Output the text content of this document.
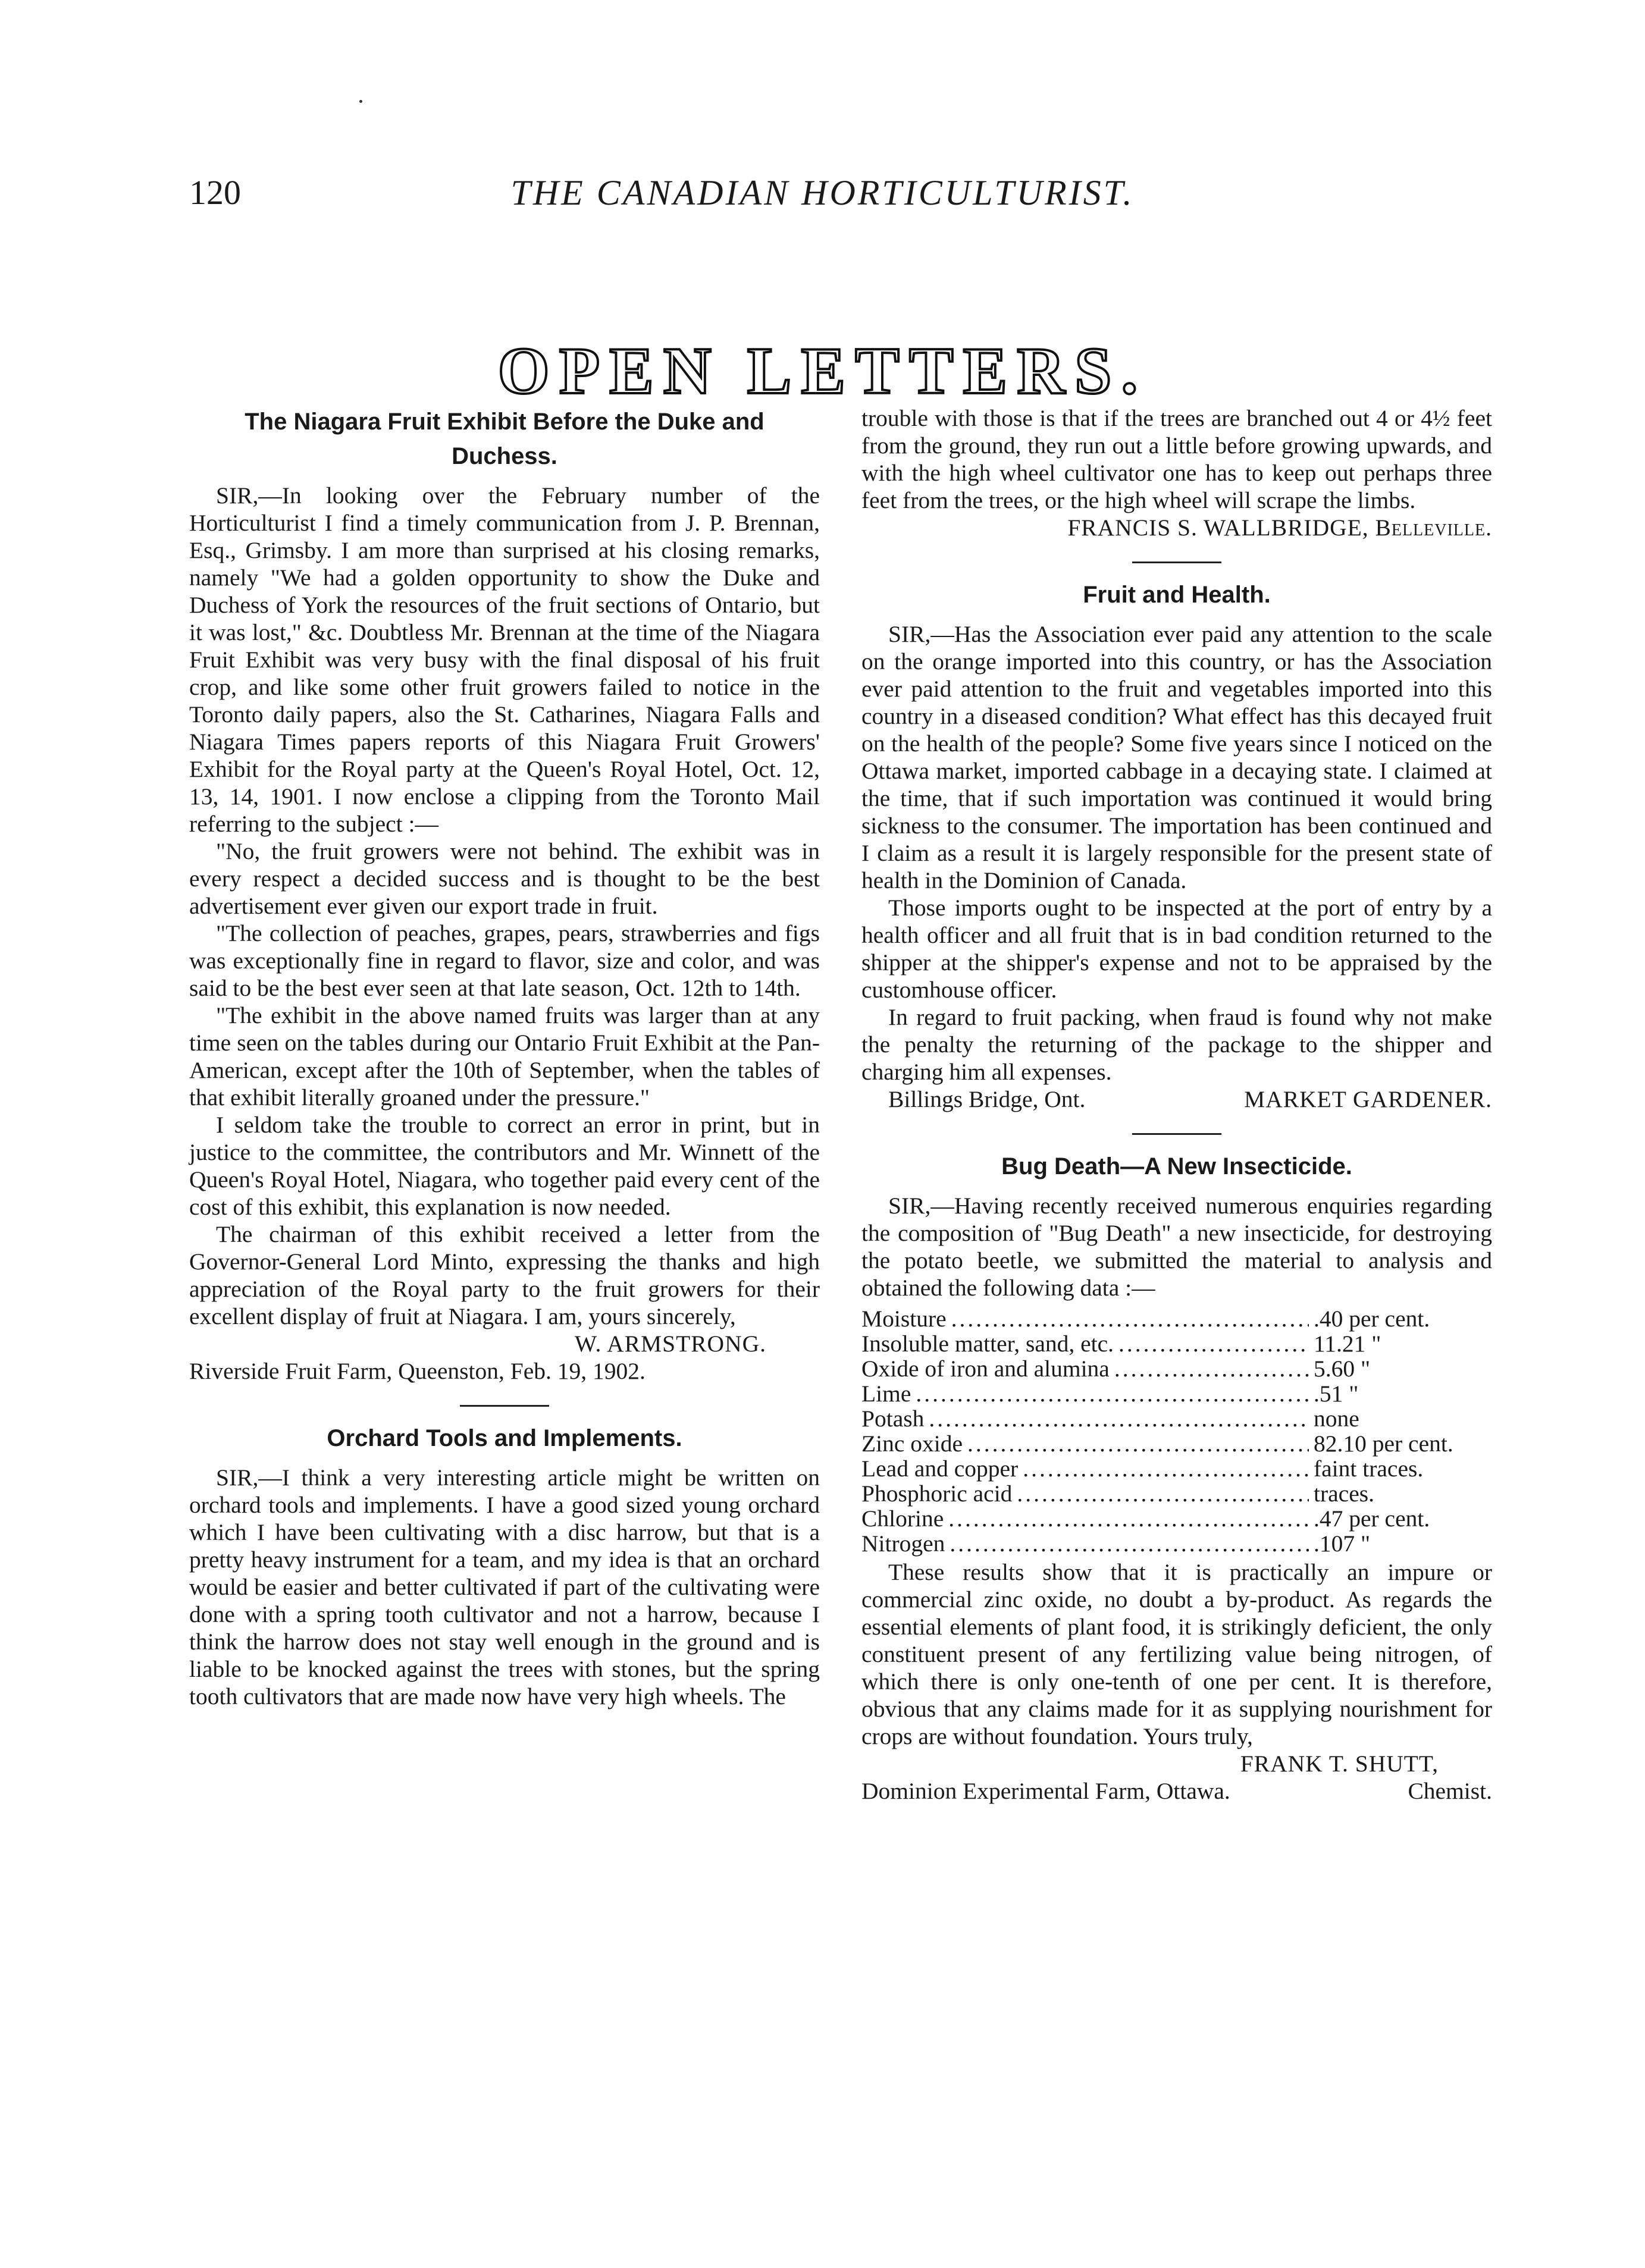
120	THE CANADIAN HORTICULTURIST.
OPEN LETTERS.
The Niagara Fruit Exhibit Before the Duke and Duchess.

SIR,—In looking over the February number of the Horticulturist I find a timely communication from J. P. Brennan, Esq., Grimsby. I am more than surprised at his closing remarks, namely "We had a golden opportunity to show the Duke and Duchess of York the resources of the fruit sections of Ontario, but it was lost," &c. Doubtless Mr. Brennan at the time of the Niagara Fruit Exhibit was very busy with the final disposal of his fruit crop, and like some other fruit growers failed to notice in the Toronto daily papers, also the St. Catharines, Niagara Falls and Niagara Times papers reports of this Niagara Fruit Growers' Exhibit for the Royal party at the Queen's Royal Hotel, Oct. 12, 13, 14, 1901. I now enclose a clipping from the Toronto Mail referring to the subject :—

"No, the fruit growers were not behind. The exhibit was in every respect a decided success and is thought to be the best advertisement ever given our export trade in fruit.

"The collection of peaches, grapes, pears, strawberries and figs was exceptionally fine in regard to flavor, size and color, and was said to be the best ever seen at that late season, Oct. 12th to 14th.

"The exhibit in the above named fruits was larger than at any time seen on the tables during our Ontario Fruit Exhibit at the Pan-American, except after the 10th of September, when the tables of that exhibit literally groaned under the pressure."

I seldom take the trouble to correct an error in print, but in justice to the committee, the contributors and Mr. Winnett of the Queen's Royal Hotel, Niagara, who together paid every cent of the cost of this exhibit, this explanation is now needed.

The chairman of this exhibit received a letter from the Governor-General Lord Minto, expressing the thanks and high appreciation of the Royal party to the fruit growers for their excellent display of fruit at Niagara. I am, yours sincerely,

W. ARMSTRONG.

Riverside Fruit Farm, Queenston, Feb. 19, 1902.

Orchard Tools and Implements.

SIR,—I think a very interesting article might be written on orchard tools and implements. I have a good sized young orchard which I have been cultivating with a disc harrow, but that is a pretty heavy instrument for a team, and my idea is that an orchard would be easier and better cultivated if part of the cultivating were done with a spring tooth cultivator and not a harrow, because I think the harrow does not stay well enough in the ground and is liable to be knocked against the trees with stones, but the spring tooth cultivators that are made now have very high wheels. The

trouble with those is that if the trees are branched out 4 or 4½ feet from the ground, they run out a little before growing upwards, and with the high wheel cultivator one has to keep out perhaps three feet from the trees, or the high wheel will scrape the limbs.

FRANCIS S. WALLBRIDGE, Belleville.
Fruit and Health.

SIR,—Has the Association ever paid any attention to the scale on the orange imported into this country, or has the Association ever paid attention to the fruit and vegetables imported into this country in a diseased condition? What effect has this decayed fruit on the health of the people? Some five years since I noticed on the Ottawa market, imported cabbage in a decaying state. I claimed at the time, that if such importation was continued it would bring sickness to the consumer. The importation has been continued and I claim as a result it is largely responsible for the present state of health in the Dominion of Canada.

Those imports ought to be inspected at the port of entry by a health officer and all fruit that is in bad condition returned to the shipper at the shipper's expense and not to be appraised by the customhouse officer.

In regard to fruit packing, when fraud is found why not make the penalty the returning of the package to the shipper and charging him all expenses.

Billings Bridge, Ont.	MARKET GARDENER.
Bug Death—A New Insecticide.

SIR,—Having recently received numerous enquiries regarding the composition of "Bug Death" a new insecticide, for destroying the potato beetle, we submitted the material to analysis and obtained the following data :—

Moisture .....	.40 per cent.
Insoluble matter, sand, etc. .....	11.21 "
Oxide of iron and alumina .....	5.60 "
Lime .....	.51 "
Potash .....	none
Zinc oxide .....	82.10 per cent.
Lead and copper .....	faint traces.
Phosphoric acid .....	traces.
Chlorine .....	.47 per cent.
Nitrogen .....	.107 "

These results show that it is practically an impure or commercial zinc oxide, no doubt a by-product. As regards the essential elements of plant food, it is strikingly deficient, the only constituent present of any fertilizing value being nitrogen, of which there is only one-tenth of one per cent. It is therefore, obvious that any claims made for it as supplying nourishment for crops are without foundation. Yours truly,

FRANK T. SHUTT,
Dominion Experimental Farm, Ottawa.	Chemist.
